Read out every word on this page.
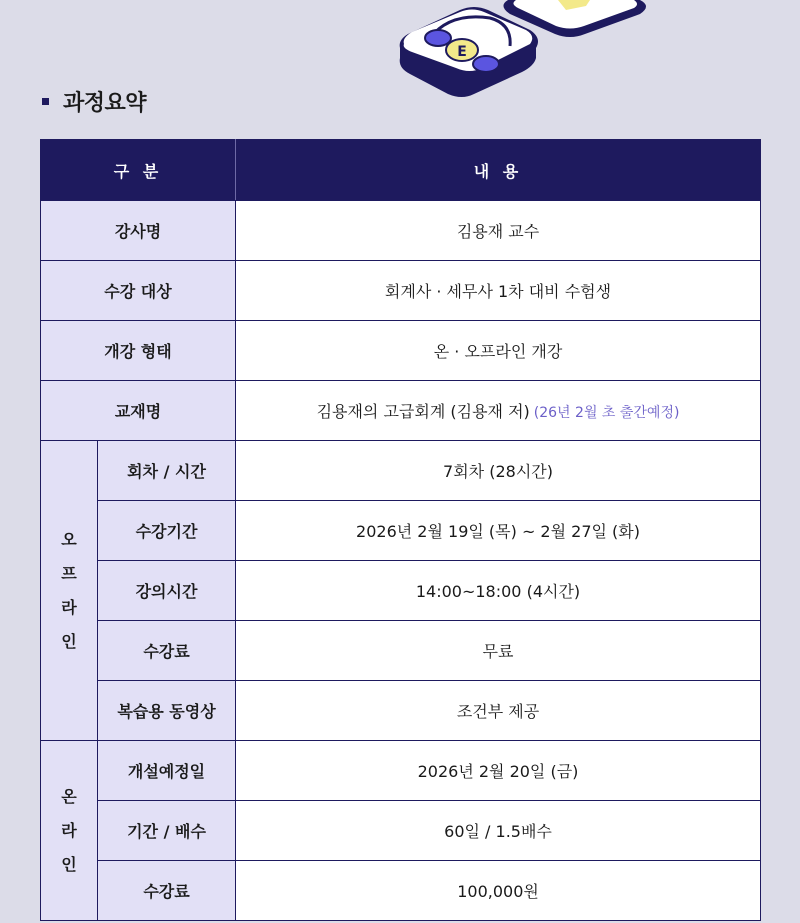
E
과정요약
구 분		내 용
강사명		김용재 교수
수강 대상		회계사 · 세무사 1차 대비 수험생
개강 형태		온 · 오프라인 개강
교재명		김용재의 고급회계 (김용재 저) (26년 2월 초 출간예정)

오
프
라
인	회차 / 시간	7회차 (28시간)
	수강기간	2026년 2월 19일 (목) ~ 2월 27일 (화)
	강의시간	14:00~18:00 (4시간)
	수강료	무료
	복습용 동영상	조건부 제공

온
라
인	개설예정일	2026년 2월 20일 (금)
	기간 / 배수	60일 / 1.5배수
	수강료	100,000원
